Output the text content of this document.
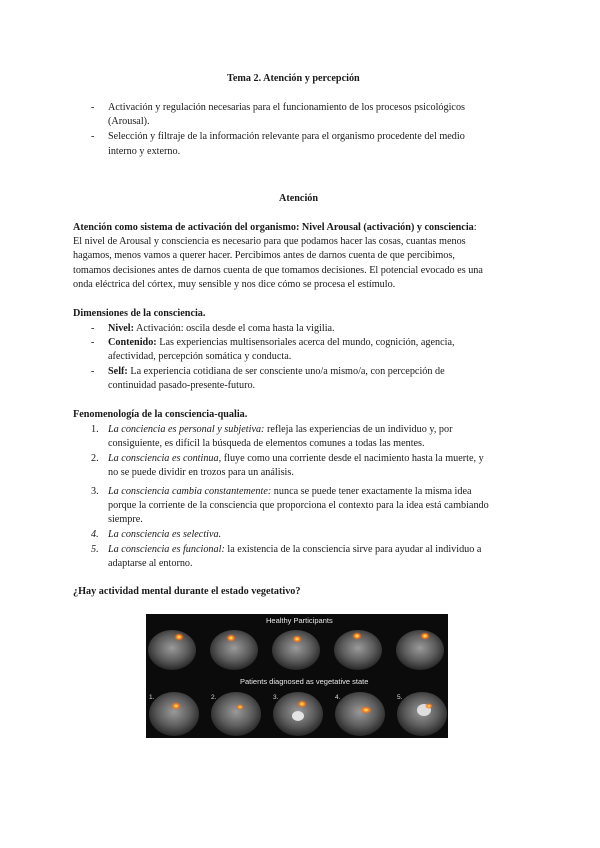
Tema 2. Atención y percepción
- Activación y regulación necesarias para el funcionamiento de los procesos psicológicos
(Arousal).
- Selección y filtraje de la información relevante para el organismo procedente del medio
interno y externo.
Atención
Atención como sistema de activación del organismo: Nivel Arousal (activación) y consciencia:
El nivel de Arousal y consciencia es necesario para que podamos hacer las cosas, cuantas menos
hagamos, menos vamos a querer hacer. Percibimos antes de darnos cuenta de que percibimos,
tomamos decisiones antes de darnos cuenta de que tomamos decisiones. El potencial evocado es una
onda eléctrica del córtex, muy sensible y nos dice cómo se procesa el estímulo.
Dimensiones de la consciencia.
- Nivel: Activación: oscila desde el coma hasta la vigilia.
- Contenido: Las experiencias multisensoriales acerca del mundo, cognición, agencia,
afectividad, percepción somática y conducta.
- Self: La experiencia cotidiana de ser consciente uno/a mismo/a, con percepción de
continuidad pasado-presente-futuro.
Fenomenología de la consciencia-qualia.
1. La conciencia es personal y subjetiva: refleja las experiencias de un individuo y, por
consiguiente, es difícil la búsqueda de elementos comunes a todas las mentes.
2. La consciencia es continua, fluye como una corriente desde el nacimiento hasta la muerte, y
no se puede dividir en trozos para un análisis.
3. La consciencia cambia constantemente: nunca se puede tener exactamente la misma idea
porque la corriente de la consciencia que proporciona el contexto para la idea está cambiando
siempre.
4. La consciencia es selectiva.
5. La consciencia es funcional: la existencia de la consciencia sirve para ayudar al individuo a
adaptarse al entorno.
¿Hay actividad mental durante el estado vegetativo?
Healthy Participants
Patients diagnosed as vegetative state
1.	2.	3.	4.	5.
